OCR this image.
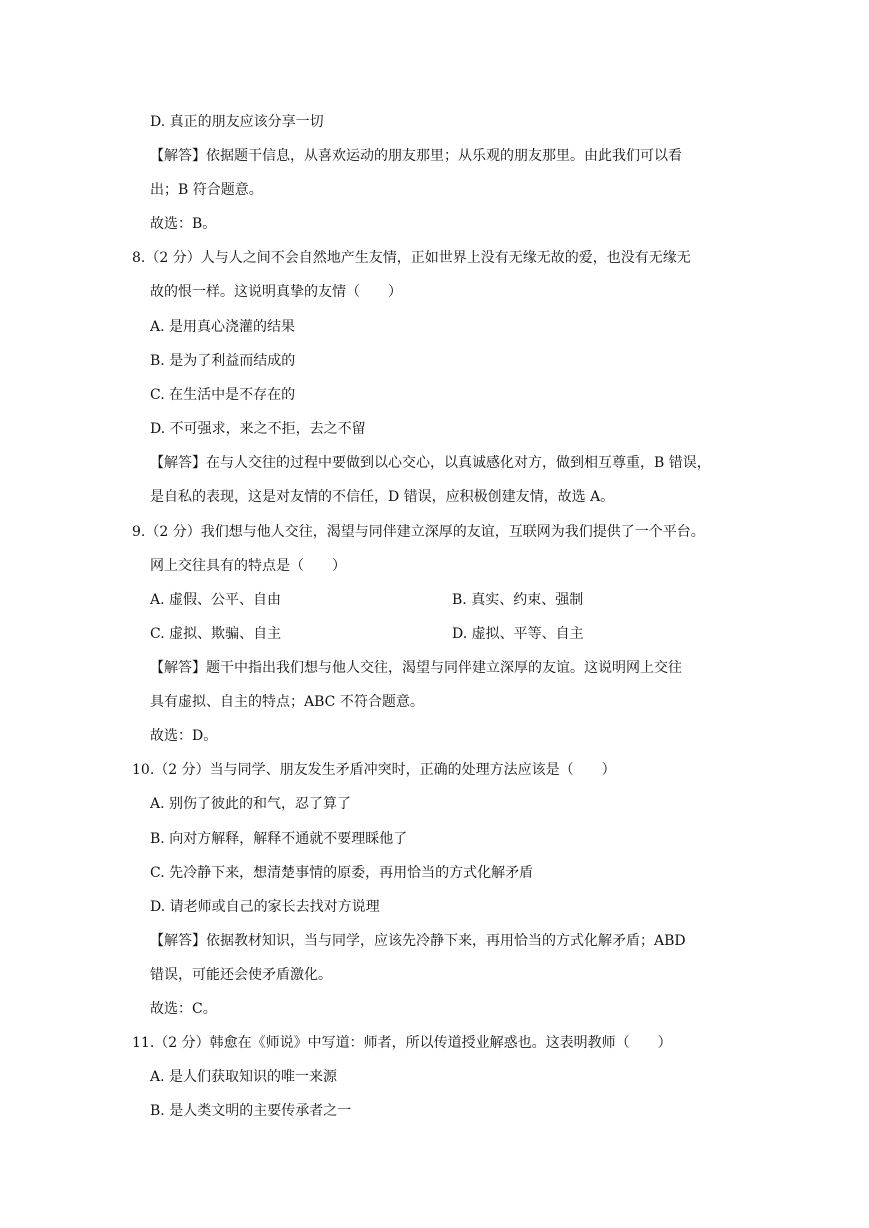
D. 真正的朋友应该分享一切
【解答】依据题干信息，从喜欢运动的朋友那里；从乐观的朋友那里。由此我们可以看
出；B 符合题意。
故选：B。
8.（2 分）人与人之间不会自然地产生友情，正如世界上没有无缘无故的爱，也没有无缘无
故的恨一样。这说明真挚的友情（　　）
A. 是用真心浇灌的结果
B. 是为了利益而结成的
C. 在生活中是不存在的
D. 不可强求，来之不拒，去之不留
【解答】在与人交往的过程中要做到以心交心，以真诚感化对方，做到相互尊重，B 错误，
是自私的表现，这是对友情的不信任，D 错误，应积极创建友情，故选 A。
9.（2 分）我们想与他人交往，渴望与同伴建立深厚的友谊，互联网为我们提供了一个平台。
网上交往具有的特点是（　　）
A. 虚假、公平、自由	B. 真实、约束、强制
C. 虚拟、欺骗、自主	D. 虚拟、平等、自主
【解答】题干中指出我们想与他人交往，渴望与同伴建立深厚的友谊。这说明网上交往
具有虚拟、自主的特点；ABC 不符合题意。
故选：D。
10.（2 分）当与同学、朋友发生矛盾冲突时，正确的处理方法应该是（　　）
A. 别伤了彼此的和气，忍了算了
B. 向对方解释，解释不通就不要理睬他了
C. 先冷静下来，想清楚事情的原委，再用恰当的方式化解矛盾
D. 请老师或自己的家长去找对方说理
【解答】依据教材知识，当与同学，应该先冷静下来，再用恰当的方式化解矛盾；ABD
错误，可能还会使矛盾激化。
故选：C。
11.（2 分）韩愈在《师说》中写道：师者，所以传道授业解惑也。这表明教师（　　）
A. 是人们获取知识的唯一来源
B. 是人类文明的主要传承者之一
